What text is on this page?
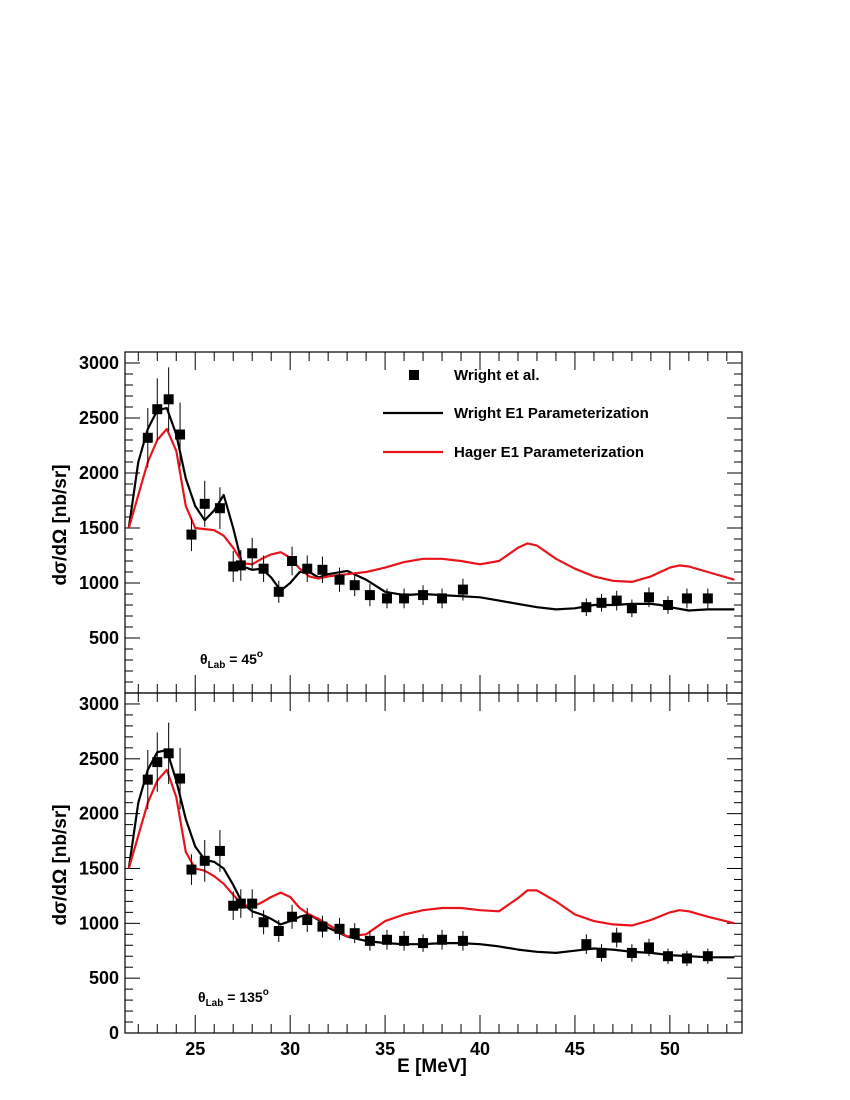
500
1000
1500
2000
2500
3000
$\theta_{Lab} = 45^o$
0
500
1000
1500
2000
2500
3000
25	30	35	40	45	50
$\theta_{Lab} = 135^o$
Wright et al.
Wright E1 Parameterization
Hager E1 Parameterization
dσ/dΩ [nb/sr]
dσ/dΩ [nb/sr]
E [MeV]
